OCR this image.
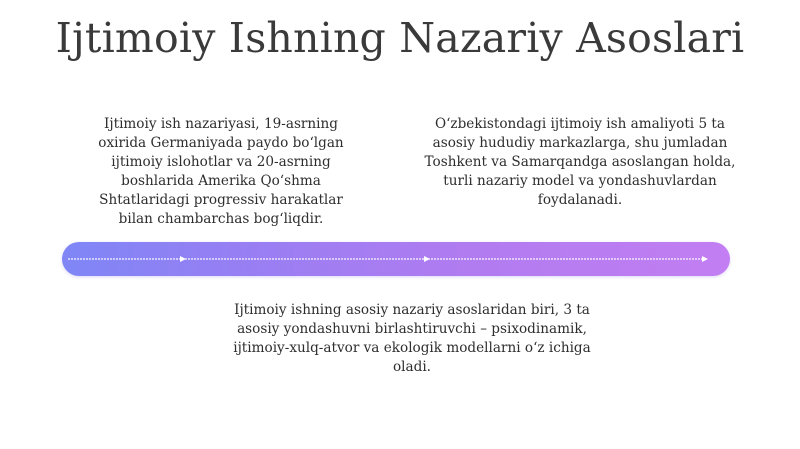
Ijtimoiy Ishning Nazariy Asoslari
Ijtimoiy ish nazariyasi, 19-asrning oxirida Germaniyada paydo bo‘lgan ijtimoiy islohotlar va 20-asrning boshlarida Amerika Qo‘shma Shtatlaridagi progressiv harakatlar bilan chambarchas bog‘liqdir.
O‘zbekistondagi ijtimoiy ish amaliyoti 5 ta asosiy hududiy markazlarga, shu jumladan Toshkent va Samarqandga asoslangan holda, turli nazariy model va yondashuvlardan foydalanadi.
Ijtimoiy ishning asosiy nazariy asoslaridan biri, 3 ta asosiy yondashuvni birlashtiruvchi – psixodinamik, ijtimoiy-xulq-atvor va ekologik modellarni o‘z ichiga oladi.
